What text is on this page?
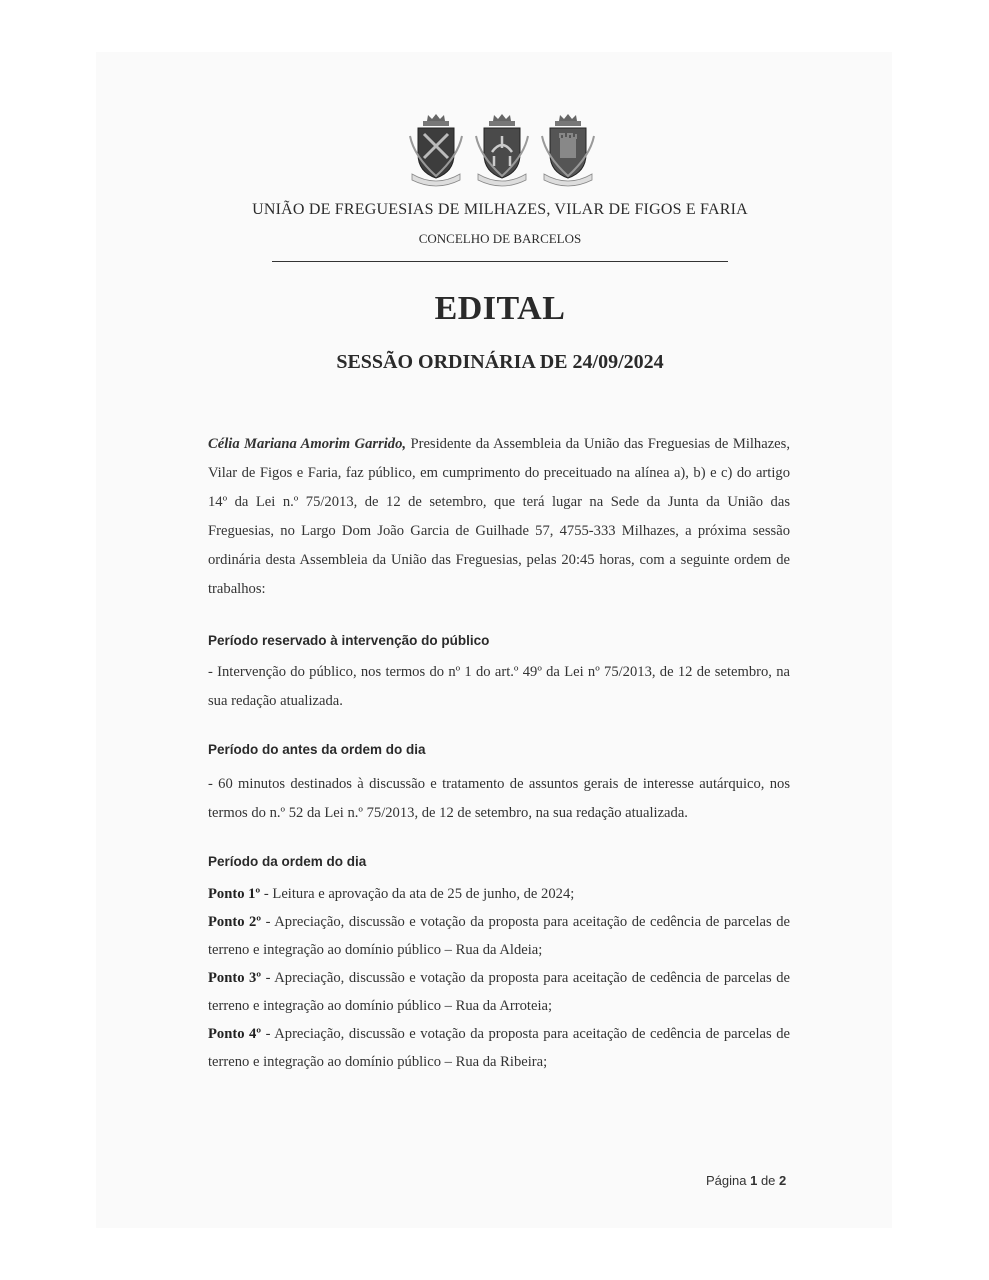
UNIÃO DE FREGUESIAS DE MILHAZES, VILAR DE FIGOS E FARIA
CONCELHO DE BARCELOS
EDITAL
SESSÃO ORDINÁRIA DE 24/09/2024
Célia Mariana Amorim Garrido, Presidente da Assembleia da União das Freguesias de Milhazes, Vilar de Figos e Faria, faz público, em cumprimento do preceituado na alínea a), b) e c) do artigo 14º da Lei n.º 75/2013, de 12 de setembro, que terá lugar na Sede da Junta da União das Freguesias, no Largo Dom João Garcia de Guilhade 57, 4755-333 Milhazes, a próxima sessão ordinária desta Assembleia da União das Freguesias, pelas 20:45 horas, com a seguinte ordem de trabalhos:
Período reservado à intervenção do público
- Intervenção do público, nos termos do nº 1 do art.º 49º da Lei nº 75/2013, de 12 de setembro, na sua redação atualizada.
Período do antes da ordem do dia
- 60 minutos destinados à discussão e tratamento de assuntos gerais de interesse autárquico, nos termos do n.º 52 da Lei n.º 75/2013, de 12 de setembro, na sua redação atualizada.
Período da ordem do dia
Ponto 1º - Leitura e aprovação da ata de 25 de junho, de 2024;
Ponto 2º - Apreciação, discussão e votação da proposta para aceitação de cedência de parcelas de terreno e integração ao domínio público – Rua da Aldeia;
Ponto 3º - Apreciação, discussão e votação da proposta para aceitação de cedência de parcelas de terreno e integração ao domínio público – Rua da Arroteia;
Ponto 4º - Apreciação, discussão e votação da proposta para aceitação de cedência de parcelas de terreno e integração ao domínio público – Rua da Ribeira;
Página 1 de 2
